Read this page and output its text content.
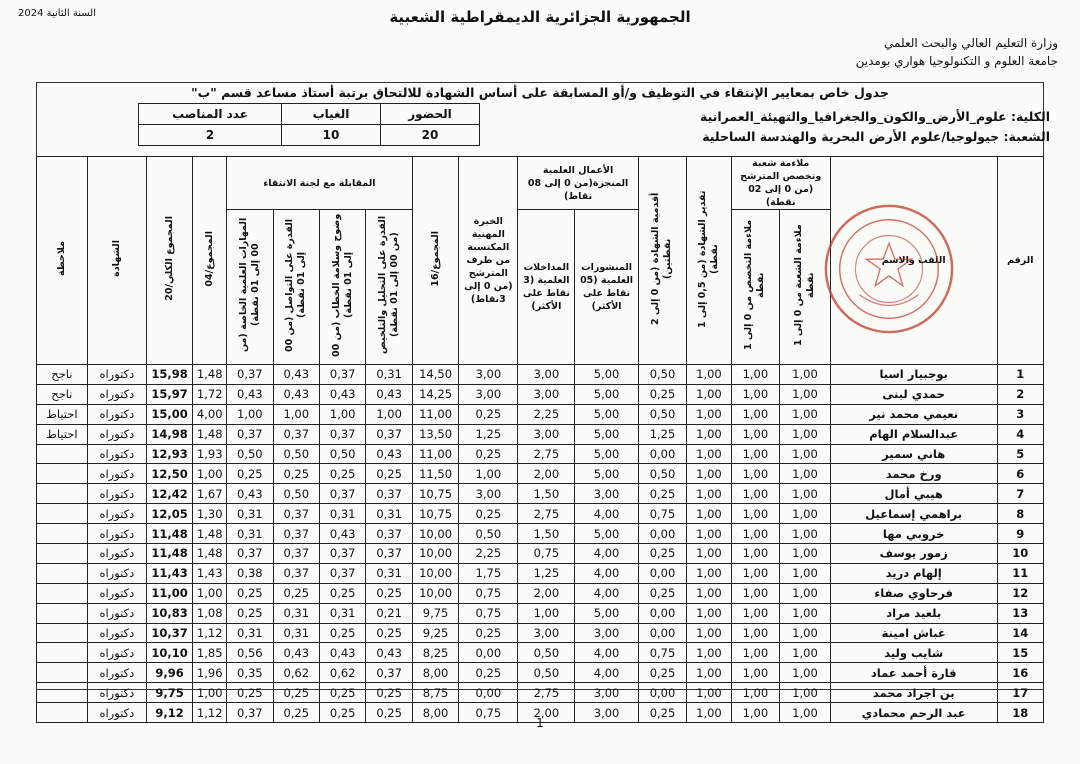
السنة الثانية 2024	الجمهورية الجزائرية الديمقراطية الشعبية
وزارة التعليم العالي والبحث العلمي
جامعة العلوم و التكنولوجيا هواري بومدين
جدول خاص بمعايير الإنتقاء في التوظيف و/أو المسابقة على أساس الشهادة للالتحاق برتبة أستاذ مساعد قسم "ب"
الكلية: علوم_الأرض_والكون_والجغرافيا_والتهيئة_العمرانية
الشعبة: جيولوجيا/علوم الأرض البحرية والهندسة الساحلية
الحضور	الغياب	عدد المناصب
20	10	2
الرقم	اللقب والاسم	ملاءمة شعبة وتخصص المترشح (من 0 إلى 02 نقطة)		تقدير الشهادة (من 0,5 إلى 1 نقطة)	أقدمية الشهادة (من 0 إلى 2 نقطتين)	الأعمال العلمية المنجزة(من 0 إلى 08 نقاط)		الخبرة المهنية المكتسبة من طرف المترشح (من 0 إلى 3نقاط)	المجموع/16	المقابلة مع لجنة الانتقاء				المجموع/04	المجموع الكلي/20	الشهادة	ملاحظة
		ملاءمة الشعبة من 0 إلى 1 نقطة	ملاءمة التخصص من 0 إلى 1 نقطة			المنشورات العلمية (05 نقاط على الأكثر)	المداخلات العلمية (3 نقاط على الأكثر)			القدرة على التحليل والتلخيص (من 00 إلى 01 نقطة)	وضوح وسلامة الخطاب (من 00 إلى 01 نقطة)	القدرة على التواصل (من 00 إلى 01 نقطة)	المهارات العلمية الخاصة (من 00 إلى 01 نقطة)				
1	بوجبيار اسيا	1,00	1,00	1,00	0,50	5,00	3,00	3,00	14,50	0,31	0,37	0,43	0,37	1,48	15,98	دكتوراه	ناجح
2	حمدي لبنى	1,00	1,00	1,00	0,25	5,00	3,00	3,00	14,25	0,43	0,43	0,43	0,43	1,72	15,97	دكتوراه	ناجح
3	نعيمي محمد نير	1,00	1,00	1,00	0,50	5,00	2,25	0,25	11,00	1,00	1,00	1,00	1,00	4,00	15,00	دكتوراه	احتياط
4	عبدالسلام الهام	1,00	1,00	1,00	1,25	5,00	3,00	1,25	13,50	0,37	0,37	0,37	0,37	1,48	14,98	دكتوراه	احتياط
5	هاني سمير	1,00	1,00	1,00	0,00	5,00	2,75	0,25	11,00	0,43	0,50	0,50	0,50	1,93	12,93	دكتوراه	
6	ورخ محمد	1,00	1,00	1,00	0,50	5,00	2,00	1,00	11,50	0,25	0,25	0,25	0,25	1,00	12,50	دكتوراه	
7	هيبي أمال	1,00	1,00	1,00	0,25	3,00	1,50	3,00	10,75	0,37	0,37	0,50	0,43	1,67	12,42	دكتوراه	
8	براهمي إسماعيل	1,00	1,00	1,00	0,75	4,00	2,75	0,25	10,75	0,31	0,31	0,37	0,31	1,30	12,05	دكتوراه	
9	خروبي مها	1,00	1,00	1,00	0,00	5,00	1,50	0,50	10,00	0,37	0,43	0,37	0,31	1,48	11,48	دكتوراه	
10	زمور يوسف	1,00	1,00	1,00	0,25	4,00	0,75	2,25	10,00	0,37	0,37	0,37	0,37	1,48	11,48	دكتوراه	
11	إلهام دريد	1,00	1,00	1,00	0,00	4,00	1,25	1,75	10,00	0,31	0,37	0,37	0,38	1,43	11,43	دكتوراه	
12	فرحاوي صفاء	1,00	1,00	1,00	0,25	4,00	2,00	0,75	10,00	0,25	0,25	0,25	0,25	1,00	11,00	دكتوراه	
13	بلعيد مراد	1,00	1,00	1,00	0,00	5,00	1,00	0,75	9,75	0,21	0,31	0,31	0,25	1,08	10,83	دكتوراه	
14	غباش امينة	1,00	1,00	1,00	0,00	3,00	3,00	0,25	9,25	0,25	0,25	0,31	0,31	1,12	10,37	دكتوراه	
15	شايب وليد	1,00	1,00	1,00	0,75	4,00	0,50	0,00	8,25	0,43	0,43	0,43	0,56	1,85	10,10	دكتوراه	
16	قارة أحمد عماد	1,00	1,00	1,00	0,25	4,00	0,50	0,25	8,00	0,37	0,62	0,62	0,35	1,96	9,96	دكتوراه	
17	بن اجراد محمد	1,00	1,00	1,00	0,00	3,00	2,75	0,00	8,75	0,25	0,25	0,25	0,25	1,00	9,75	دكتوراه	
18	عبد الرحم محمادي	1,00	1,00	1,00	0,25	3,00	2,00	0,75	8,00	0,25	0,25	0,25	0,37	1,12	9,12	دكتوراه	
1
